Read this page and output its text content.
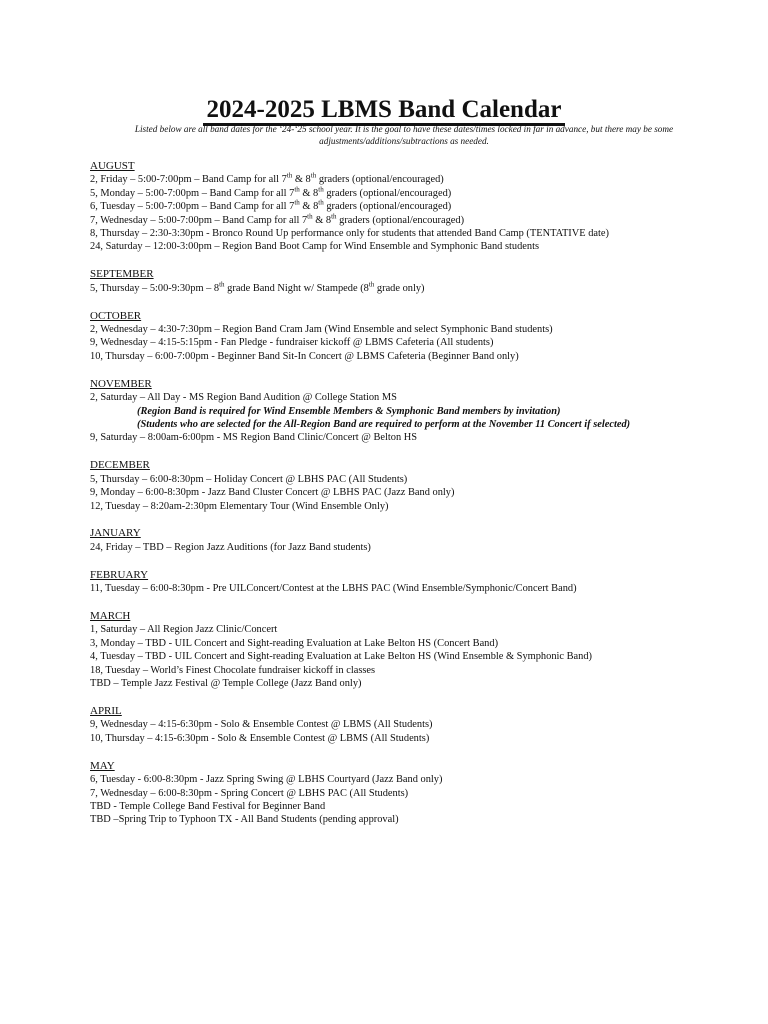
2024-2025 LBMS Band Calendar
Listed below are all band dates for the ‘24-‘25 school year. It is the goal to have these dates/times locked in far in advance, but there may be some adjustments/additions/subtractions as needed.
AUGUST
2, Friday – 5:00-7:00pm – Band Camp for all 7th & 8th graders (optional/encouraged)
5, Monday – 5:00-7:00pm – Band Camp for all 7th & 8th graders (optional/encouraged)
6, Tuesday – 5:00-7:00pm – Band Camp for all 7th & 8th graders (optional/encouraged)
7, Wednesday – 5:00-7:00pm – Band Camp for all 7th & 8th graders (optional/encouraged)
8, Thursday – 2:30-3:30pm - Bronco Round Up performance only for students that attended Band Camp (TENTATIVE date)
24, Saturday – 12:00-3:00pm – Region Band Boot Camp for Wind Ensemble and Symphonic Band students
SEPTEMBER
5, Thursday – 5:00-9:30pm – 8th grade Band Night w/ Stampede (8th grade only)
OCTOBER
2, Wednesday – 4:30-7:30pm – Region Band Cram Jam (Wind Ensemble and select Symphonic Band students)
9, Wednesday – 4:15-5:15pm - Fan Pledge - fundraiser kickoff @ LBMS Cafeteria (All students)
10, Thursday – 6:00-7:00pm - Beginner Band Sit-In Concert @ LBMS Cafeteria (Beginner Band only)
NOVEMBER
2, Saturday – All Day - MS Region Band Audition @ College Station MS
(Region Band is required for Wind Ensemble Members & Symphonic Band members by invitation)
(Students who are selected for the All-Region Band are required to perform at the November 11 Concert if selected)
9, Saturday – 8:00am-6:00pm - MS Region Band Clinic/Concert @ Belton HS
DECEMBER
5, Thursday – 6:00-8:30pm – Holiday Concert @ LBHS PAC (All Students)
9, Monday – 6:00-8:30pm - Jazz Band Cluster Concert @ LBHS PAC (Jazz Band only)
12, Tuesday – 8:20am-2:30pm Elementary Tour (Wind Ensemble Only)
JANUARY
24, Friday – TBD – Region Jazz Auditions (for Jazz Band students)
FEBRUARY
11, Tuesday – 6:00-8:30pm - Pre UILConcert/Contest at the LBHS PAC (Wind Ensemble/Symphonic/Concert Band)
MARCH
1, Saturday – All Region Jazz Clinic/Concert
3, Monday – TBD - UIL Concert and Sight-reading Evaluation at Lake Belton HS (Concert Band)
4, Tuesday – TBD - UIL Concert and Sight-reading Evaluation at Lake Belton HS (Wind Ensemble & Symphonic Band)
18, Tuesday – World’s Finest Chocolate fundraiser kickoff in classes
TBD – Temple Jazz Festival @ Temple College (Jazz Band only)
APRIL
9, Wednesday – 4:15-6:30pm - Solo & Ensemble Contest @ LBMS (All Students)
10, Thursday – 4:15-6:30pm - Solo & Ensemble Contest @ LBMS (All Students)
MAY
6, Tuesday - 6:00-8:30pm - Jazz Spring Swing @ LBHS Courtyard (Jazz Band only)
7, Wednesday – 6:00-8:30pm - Spring Concert @ LBHS PAC (All Students)
TBD - Temple College Band Festival for Beginner Band
TBD –Spring Trip to Typhoon TX - All Band Students (pending approval)
